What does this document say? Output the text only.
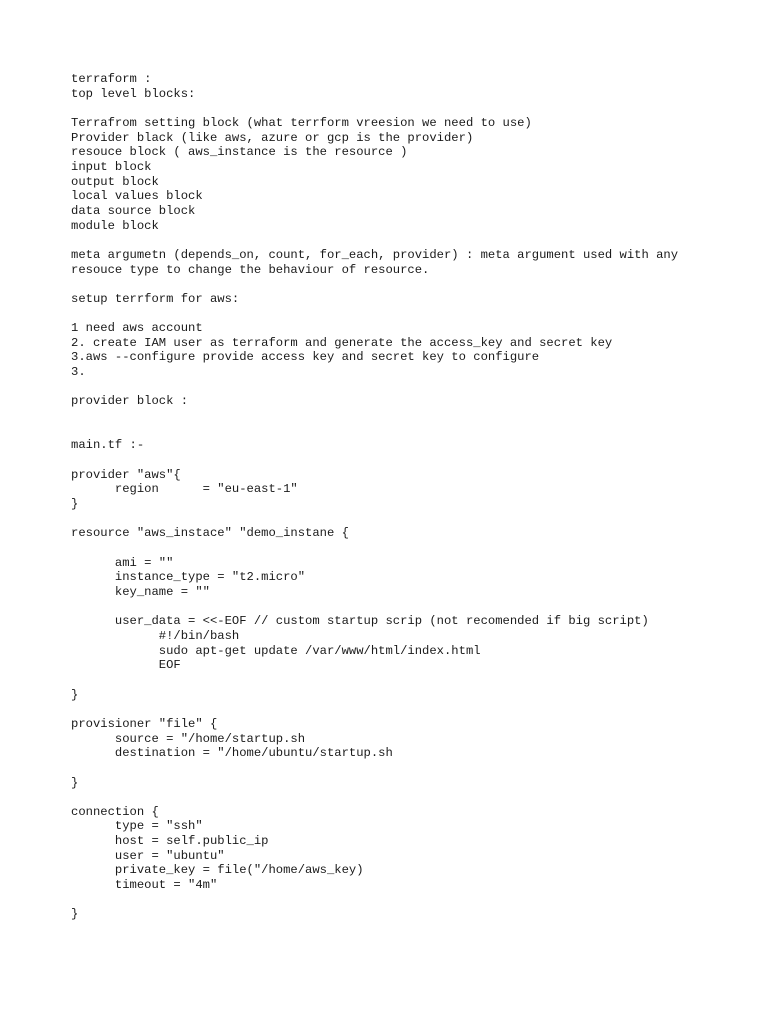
terraform :
top level blocks:

Terrafrom setting block (what terrform vreesion we need to use)
Provider black (like aws, azure or gcp is the provider)
resouce block ( aws_instance is the resource )
input block
output block
local values block
data source block
module block

meta argumetn (depends_on, count, for_each, provider) : meta argument used with any
resouce type to change the behaviour of resource.

setup terrform for aws:

1 need aws account
2. create IAM user as terraform and generate the access_key and secret key
3.aws --configure provide access key and secret key to configure
3.

provider block :

main.tf :-

provider "aws"{
region      = "eu-east-1"
}

resource "aws_instace" "demo_instane {

ami = ""
instance_type = "t2.micro"
key_name = ""

user_data = <<-EOF // custom startup scrip (not recomended if big script)
#!/bin/bash
sudo apt-get update /var/www/html/index.html
EOF

}

provisioner "file" {
source = "/home/startup.sh
destination = "/home/ubuntu/startup.sh

}

connection {
type = "ssh"
host = self.public_ip
user = "ubuntu"
private_key = file("/home/aws_key)
timeout = "4m"

}
